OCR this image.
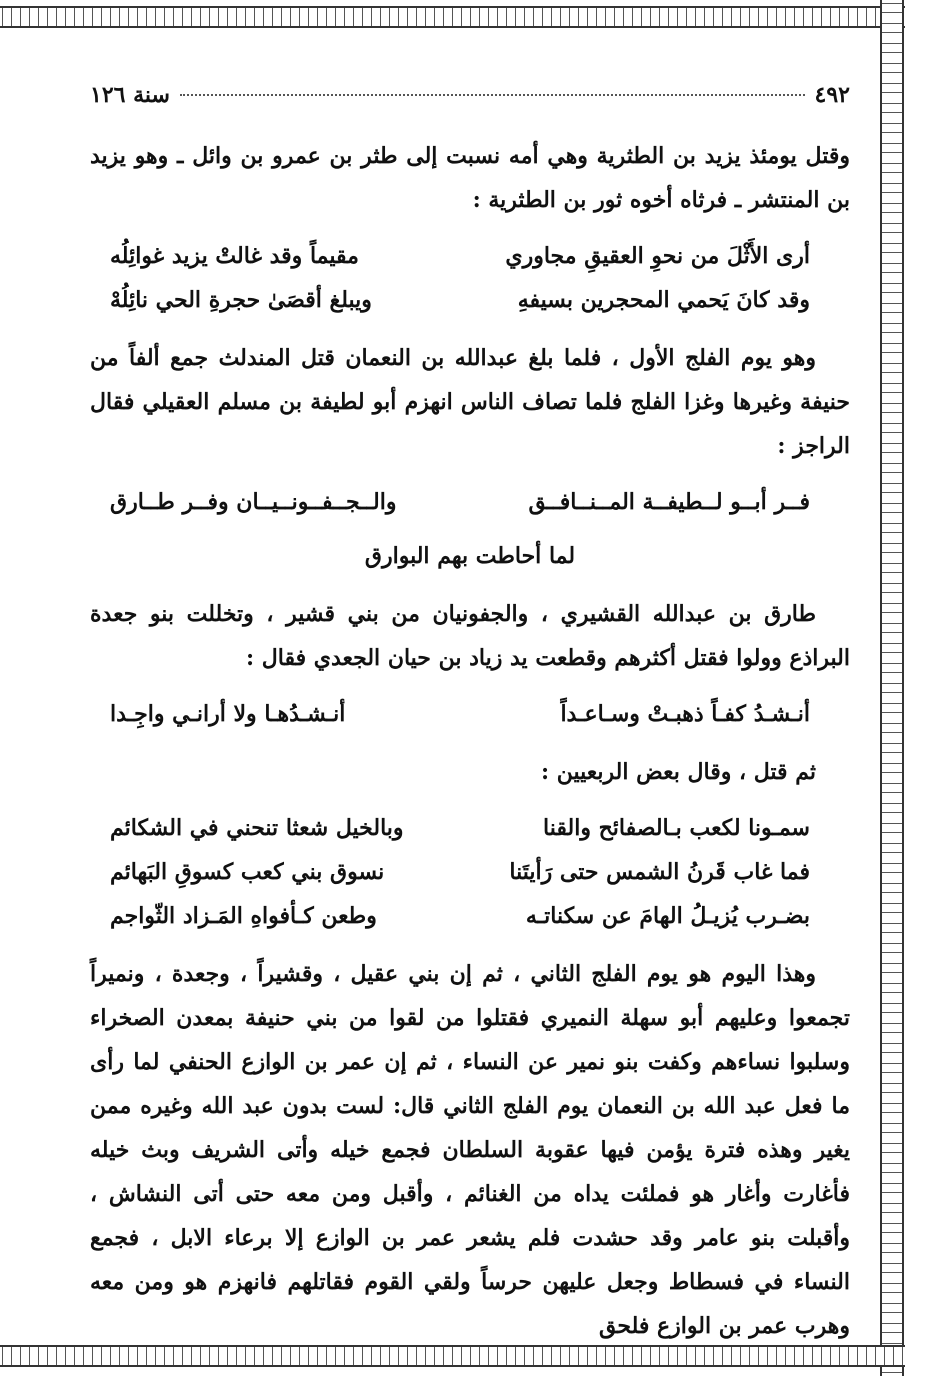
٤٩٢
سنة ١٢٦

وقتل يومئذ يزيد بن الطثرية وهي أمه نسبت إلى طثر بن عمرو بن وائل ـ وهو يزيد بن المنتشر ـ فرثاه أخوه ثور بن الطثرية :

أرى الأَثْلَ من نحوِ العقيقِ مجاوري
مقيماً وقد غالتْ يزيد غوائِلُه
وقد كانَ يَحمي المحجرين بسيفهِ
ويبلغ أقصَىٰ حجرةِ الحي نائِلُهْ

وهو يوم الفلج الأول ، فلما بلغ عبدالله بن النعمان قتل المندلث جمع ألفاً من حنيفة وغيرها وغزا الفلج فلما تصاف الناس انهزم أبو لطيفة بن مسلم العقيلي فقال الراجز :

فــر أبــو لــطيفــة المــنــافــق
والــجــفــونــيــان وفــر طــارق
لما أحاطت بهم البوارق

طارق بن عبدالله القشيري ، والجفونيان من بني قشير ، وتخللت بنو جعدة البراذع وولوا فقتل أكثرهم وقطعت يد زياد بن حيان الجعدي فقال :

أنـشـدُ كفـاً ذهبـتْ وسـاعـداً
أنـشـدُهـا ولا أرانـي واجِـدا

ثم قتل ، وقال بعض الربعيين :

سمـونا لكعب بـالصفائح والقنا
وبالخيل شعثا تنحني في الشكائم
فما غاب قَرنُ الشمس حتى رَأيتَنا
نسوق بني كعب كسوقِ البَهائم
بضـرب يُزيـلُ الهامَ عن سكناتـه
وطعن كـأفواهِ المَـزاد الثّواجم

وهذا اليوم هو يوم الفلج الثاني ، ثم إن بني عقيل ، وقشيراً ، وجعدة ، ونميراً تجمعوا وعليهم أبو سهلة النميري فقتلوا من لقوا من بني حنيفة بمعدن الصخراء وسلبوا نساءهم وكفت بنو نمير عن النساء ، ثم إن عمر بن الوازع الحنفي لما رأى ما فعل عبد الله بن النعمان يوم الفلج الثاني قال: لست بدون عبد الله وغيره ممن يغير وهذه فترة يؤمن فيها عقوبة السلطان فجمع خيله وأتى الشريف وبث خيله فأغارت وأغار هو فملئت يداه من الغنائم ، وأقبل ومن معه حتى أتى النشاش ، وأقبلت بنو عامر وقد حشدت فلم يشعر عمر بن الوازع إلا برعاء الابل ، فجمع النساء في فسطاط وجعل عليهن حرساً ولقي القوم فقاتلهم فانهزم هو ومن معه وهرب عمر بن الوازع فلحق
